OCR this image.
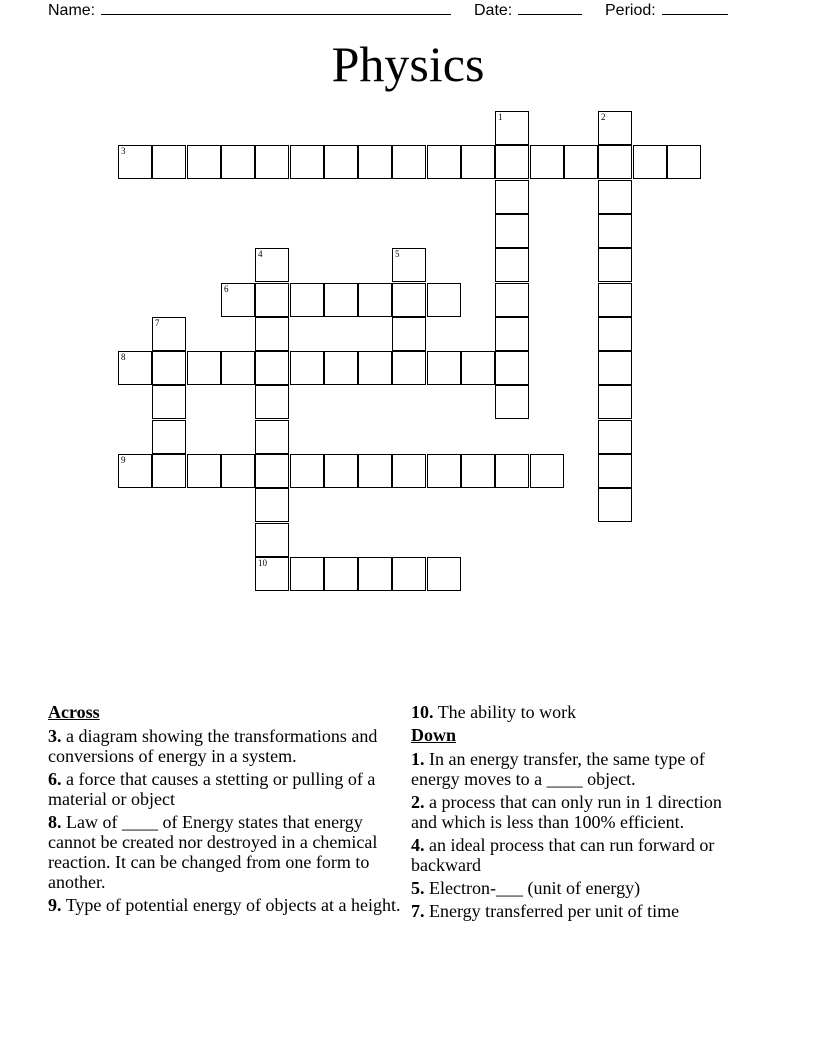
Name:	Date:	Period:
Physics
3
6
8
9
10
1	2
4	5
7
Across
3. a diagram showing the transformations and conversions of energy in a system.
6. a force that causes a stetting or pulling of a material or object
8. Law of ____ of Energy states that energy cannot be created nor destroyed in a chemical reaction. It can be changed from one form to another.
9. Type of potential energy of objects at a height.
10. The ability to work
Down
1. In an energy transfer, the same type of energy moves to a ____ object.
2. a process that can only run in 1 direction and which is less than 100% efficient.
4. an ideal process that can run forward or backward
5. Electron-___ (unit of energy)
7. Energy transferred per unit of time
